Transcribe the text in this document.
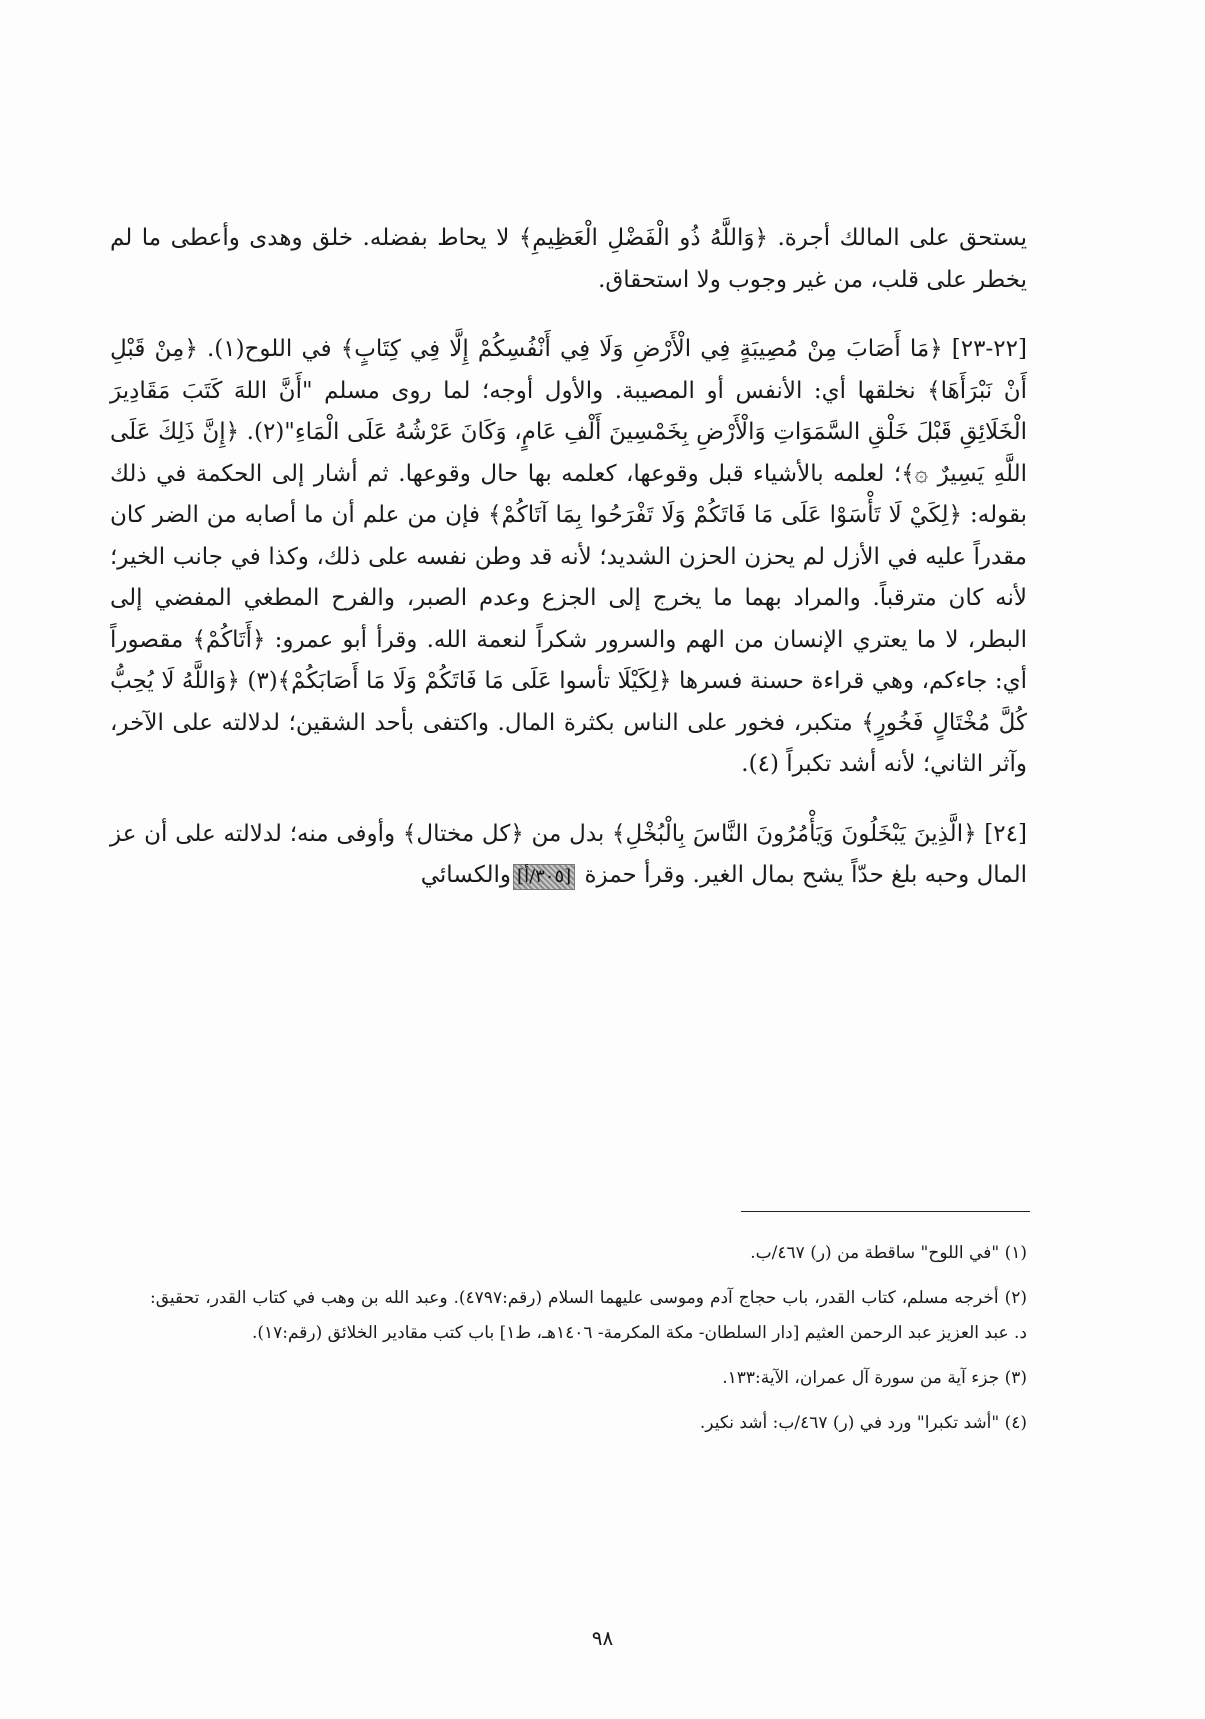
يستحق على المالك أجرة. ﴿وَاللَّهُ ذُو الْفَضْلِ الْعَظِيمِ﴾ لا يحاط بفضله. خلق وهدى وأعطى ما لم يخطر على قلب، من غير وجوب ولا استحقاق.

[٢٢-٢٣] ﴿مَا أَصَابَ مِنْ مُصِيبَةٍ فِي الْأَرْضِ وَلَا فِي أَنْفُسِكُمْ إِلَّا فِي كِتَابٍ﴾ في اللوح(١). ﴿مِنْ قَبْلِ أَنْ نَبْرَأَهَا﴾ نخلقها أي: الأنفس أو المصيبة. والأول أوجه؛ لما روى مسلم "أَنَّ اللهَ كَتَبَ مَقَادِيرَ الْخَلَائِقِ قَبْلَ خَلْقِ السَّمَوَاتِ وَالْأَرْضِ بِخَمْسِينَ أَلْفِ عَامٍ، وَكَانَ عَرْشُهُ عَلَى الْمَاءِ"(٢). ﴿إِنَّ ذَلِكَ عَلَى اللَّهِ يَسِيرٌ ۞﴾؛ لعلمه بالأشياء قبل وقوعها، كعلمه بها حال وقوعها. ثم أشار إلى الحكمة في ذلك بقوله: ﴿لِكَيْ لَا تَأْسَوْا عَلَى مَا فَاتَكُمْ وَلَا تَفْرَحُوا بِمَا آتَاكُمْ﴾ فإن من علم أن ما أصابه من الضر كان مقدراً عليه في الأزل لم يحزن الحزن الشديد؛ لأنه قد وطن نفسه على ذلك، وكذا في جانب الخير؛ لأنه كان مترقباً. والمراد بهما ما يخرج إلى الجزع وعدم الصبر، والفرح المطغي المفضي إلى البطر، لا ما يعتري الإنسان من الهم والسرور شكراً لنعمة الله. وقرأ أبو عمرو: ﴿أَتَاكُمْ﴾ مقصوراً أي: جاءكم، وهي قراءة حسنة فسرها ﴿لِكَيْلَا تأسوا عَلَى مَا فَاتَكُمْ وَلَا مَا أَصَابَكُمْ﴾(٣) ﴿وَاللَّهُ لَا يُحِبُّ كُلَّ مُخْتَالٍ فَخُورٍ﴾ متكبر، فخور على الناس بكثرة المال. واكتفى بأحد الشقين؛ لدلالته على الآخر، وآثر الثاني؛ لأنه أشد تكبراً (٤).

[٢٤] ﴿الَّذِينَ يَبْخَلُونَ وَيَأْمُرُونَ النَّاسَ بِالْبُخْلِ﴾ بدل من ﴿كل مختال﴾ وأوفى منه؛ لدلالته على أن عز المال وحبه بلغ حدّاً يشح بمال الغير. وقرأ حمزة [٣٠٥/أ]والكسائي

(١) "في اللوح" ساقطة من (ر) ٤٦٧/ب.

(٢) أخرجه مسلم، كتاب القدر، باب حجاج آدم وموسى عليهما السلام (رقم:٤٧٩٧). وعبد الله بن وهب في كتاب القدر، تحقيق: د. عبد العزيز عبد الرحمن العثيم [دار السلطان- مكة المكرمة- ١٤٠٦هـ، ط١] باب كتب مقادير الخلائق (رقم:١٧).

(٣) جزء آية من سورة آل عمران، الآية:١٣٣.

(٤) "أشد تكبرا" ورد في (ر) ٤٦٧/ب: أشد نكير.

٩٨
